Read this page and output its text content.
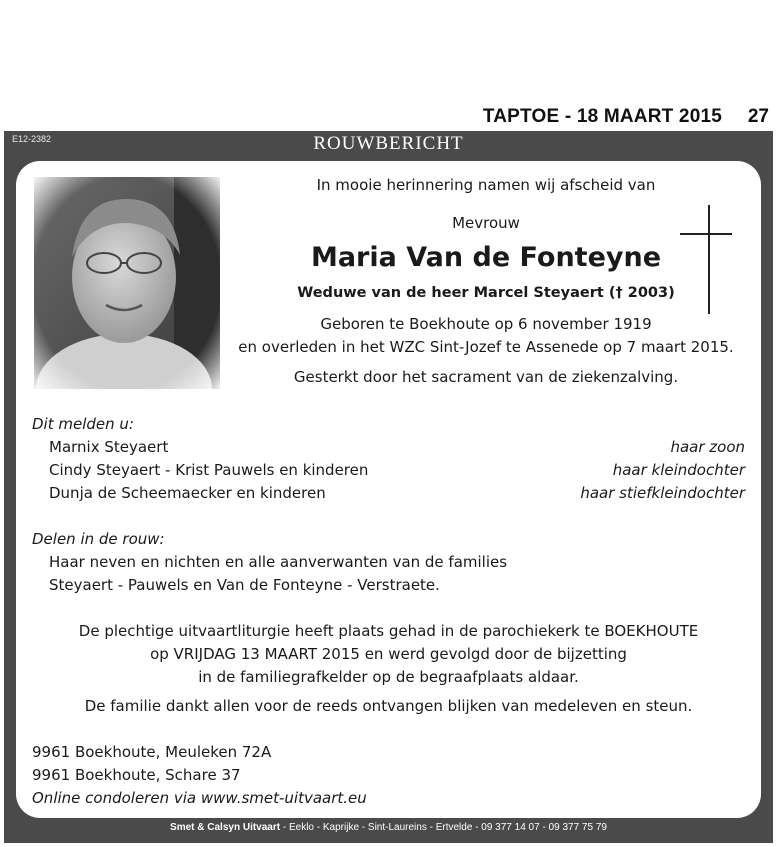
TAPTOE - 18 MAART 2015 27
E12-2382	ROUWBERICHT
In mooie herinnering namen wij afscheid van
Mevrouw
Maria Van de Fonteyne
Weduwe van de heer Marcel Steyaert († 2003)
Geboren te Boekhoute op 6 november 1919
en overleden in het WZC Sint-Jozef te Assenede op 7 maart 2015.
Gesterkt door het sacrament van de ziekenzalving.
Dit melden u:
Marnix Steyaert	haar zoon
Cindy Steyaert - Krist Pauwels en kinderen	haar kleindochter
Dunja de Scheemaecker en kinderen	haar stiefkleindochter
Delen in de rouw:
Haar neven en nichten en alle aanverwanten van de families
Steyaert - Pauwels en Van de Fonteyne - Verstraete.
De plechtige uitvaartliturgie heeft plaats gehad in de parochiekerk te BOEKHOUTE
op VRIJDAG 13 MAART 2015 en werd gevolgd door de bijzetting
in de familiegrafkelder op de begraafplaats aldaar.
De familie dankt allen voor de reeds ontvangen blijken van medeleven en steun.
9961 Boekhoute, Meuleken 72A
9961 Boekhoute, Schare 37
Online condoleren via www.smet-uitvaart.eu
Smet & Calsyn Uitvaart - Eeklo - Kaprijke - Sint-Laureins - Ertvelde - 09 377 14 07 - 09 377 75 79
